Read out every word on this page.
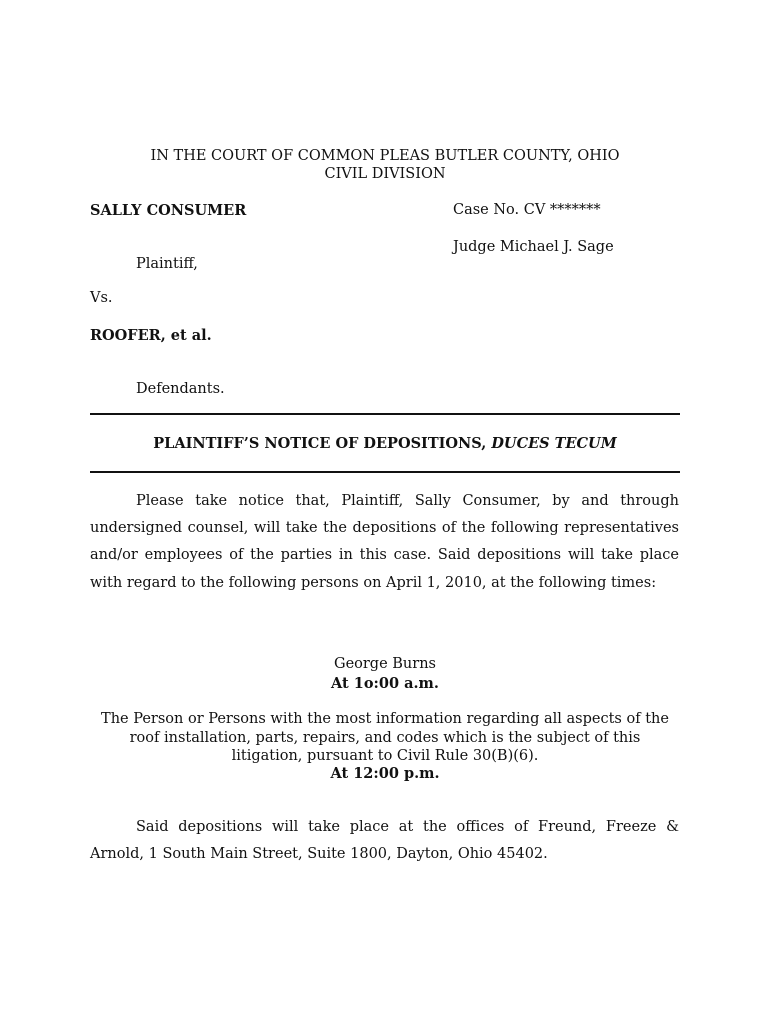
IN THE COURT OF COMMON PLEAS BUTLER COUNTY, OHIO
CIVIL DIVISION
SALLY CONSUMER
Plaintiff,
Vs.
ROOFER, et al.
Defendants.
Case No. CV *******
Judge Michael J. Sage
PLAINTIFF’S NOTICE OF DEPOSITIONS, DUCES TECUM
Please take notice that, Plaintiff, Sally Consumer, by and through undersigned counsel, will take the depositions of the following representatives and/or employees of the parties in this case. Said depositions will take place with regard to the following persons on April 1, 2010, at the following times:
George Burns
At 1o:00 a.m.
The Person or Persons with the most information regarding all aspects of the roof installation, parts, repairs, and codes which is the subject of this litigation, pursuant to Civil Rule 30(B)(6).
At 12:00 p.m.
Said depositions will take place at the offices of Freund, Freeze & Arnold, 1 South Main Street, Suite 1800, Dayton, Ohio 45402.
